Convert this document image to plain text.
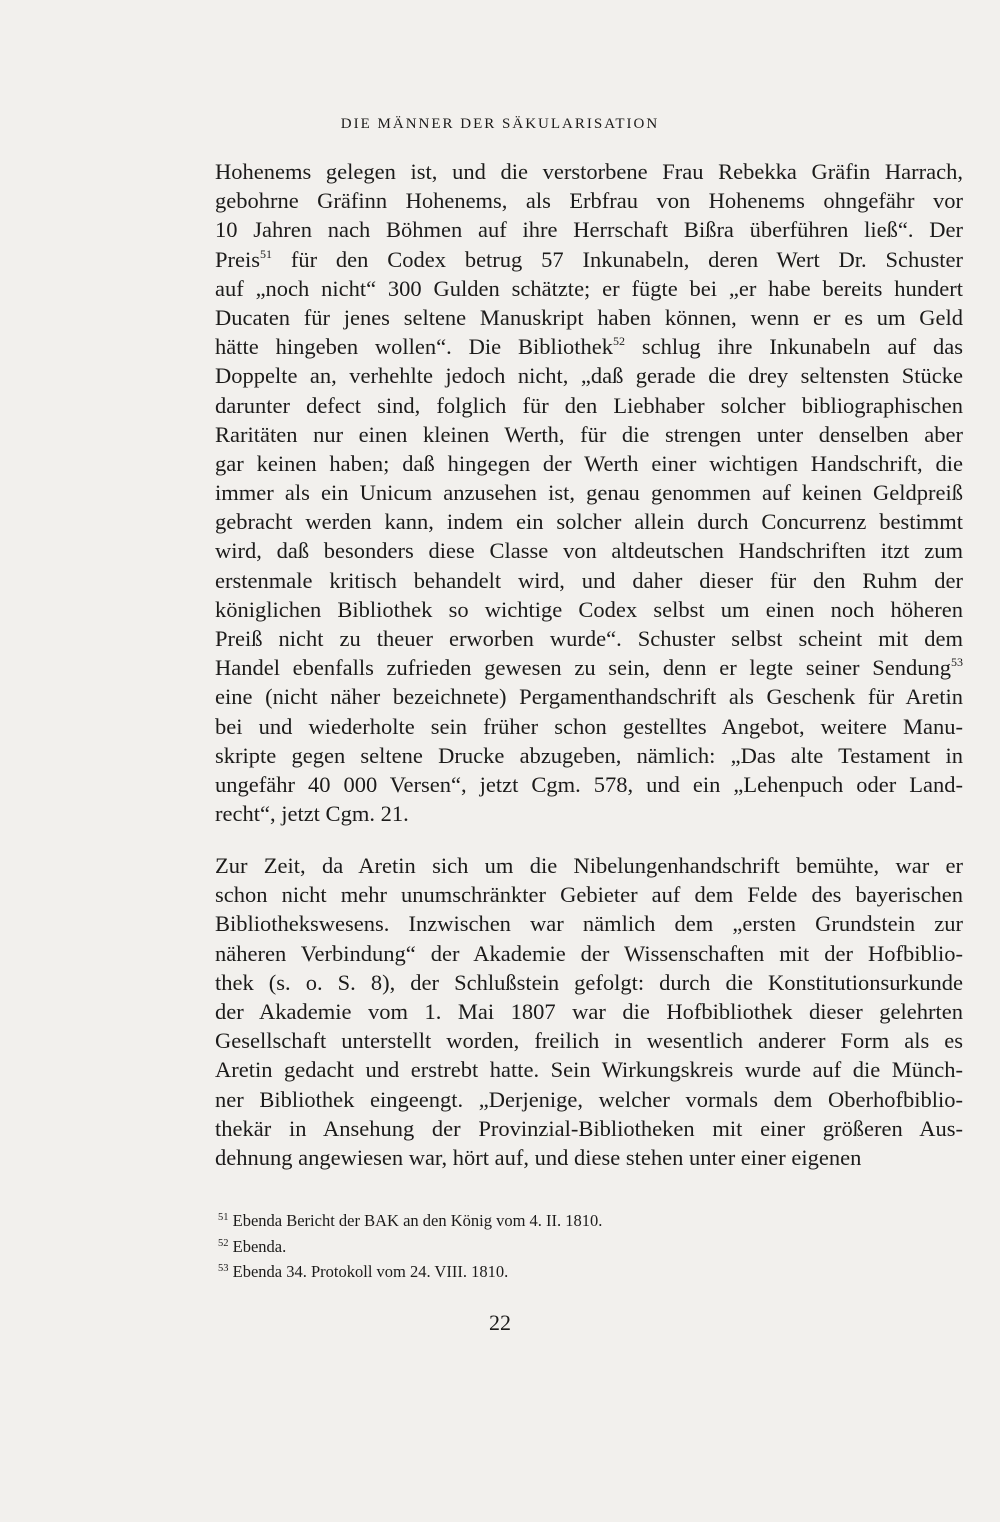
DIE MÄNNER DER SÄKULARISATION
Hohenems gelegen ist, und die verstorbene Frau Rebekka Gräfin Harrach,
gebohrne Gräfinn Hohenems, als Erbfrau von Hohenems ohngefähr vor
10 Jahren nach Böhmen auf ihre Herrschaft Bißra überführen ließ“. Der
Preis$^{51}$ für den Codex betrug 57 Inkunabeln, deren Wert Dr. Schuster
auf „noch nicht“ 300 Gulden schätzte; er fügte bei „er habe bereits hundert
Ducaten für jenes seltene Manuskript haben können, wenn er es um Geld
hätte hingeben wollen“. Die Bibliothek$^{52}$ schlug ihre Inkunabeln auf das
Doppelte an, verhehlte jedoch nicht, „daß gerade die drey seltensten Stücke
darunter defect sind, folglich für den Liebhaber solcher bibliographischen
Raritäten nur einen kleinen Werth, für die strengen unter denselben aber
gar keinen haben; daß hingegen der Werth einer wichtigen Handschrift, die
immer als ein Unicum anzusehen ist, genau genommen auf keinen Geldpreiß
gebracht werden kann, indem ein solcher allein durch Concurrenz bestimmt
wird, daß besonders diese Classe von altdeutschen Handschriften itzt zum
erstenmale kritisch behandelt wird, und daher dieser für den Ruhm der
königlichen Bibliothek so wichtige Codex selbst um einen noch höheren
Preiß nicht zu theuer erworben wurde“. Schuster selbst scheint mit dem
Handel ebenfalls zufrieden gewesen zu sein, denn er legte seiner Sendung$^{53}$
eine (nicht näher bezeichnete) Pergamenthandschrift als Geschenk für Aretin
bei und wiederholte sein früher schon gestelltes Angebot, weitere Manu-
skripte gegen seltene Drucke abzugeben, nämlich: „Das alte Testament in
ungefähr 40 000 Versen“, jetzt Cgm. 578, und ein „Lehenpuch oder Land-
recht“, jetzt Cgm. 21.
Zur Zeit, da Aretin sich um die Nibelungenhandschrift bemühte, war er
schon nicht mehr unumschränkter Gebieter auf dem Felde des bayerischen
Bibliothekswesens. Inzwischen war nämlich dem „ersten Grundstein zur
näheren Verbindung“ der Akademie der Wissenschaften mit der Hofbiblio-
thek (s. o. S. 8), der Schlußstein gefolgt: durch die Konstitutionsurkunde
der Akademie vom 1. Mai 1807 war die Hofbibliothek dieser gelehrten
Gesellschaft unterstellt worden, freilich in wesentlich anderer Form als es
Aretin gedacht und erstrebt hatte. Sein Wirkungskreis wurde auf die Münch-
ner Bibliothek eingeengt. „Derjenige, welcher vormals dem Oberhofbiblio-
thekär in Ansehung der Provinzial-Bibliotheken mit einer größeren Aus-
dehnung angewiesen war, hört auf, und diese stehen unter einer eigenen
$^{51}$ Ebenda Bericht der BAK an den König vom 4. II. 1810.
$^{52}$ Ebenda.
$^{53}$ Ebenda 34. Protokoll vom 24. VIII. 1810.
22
